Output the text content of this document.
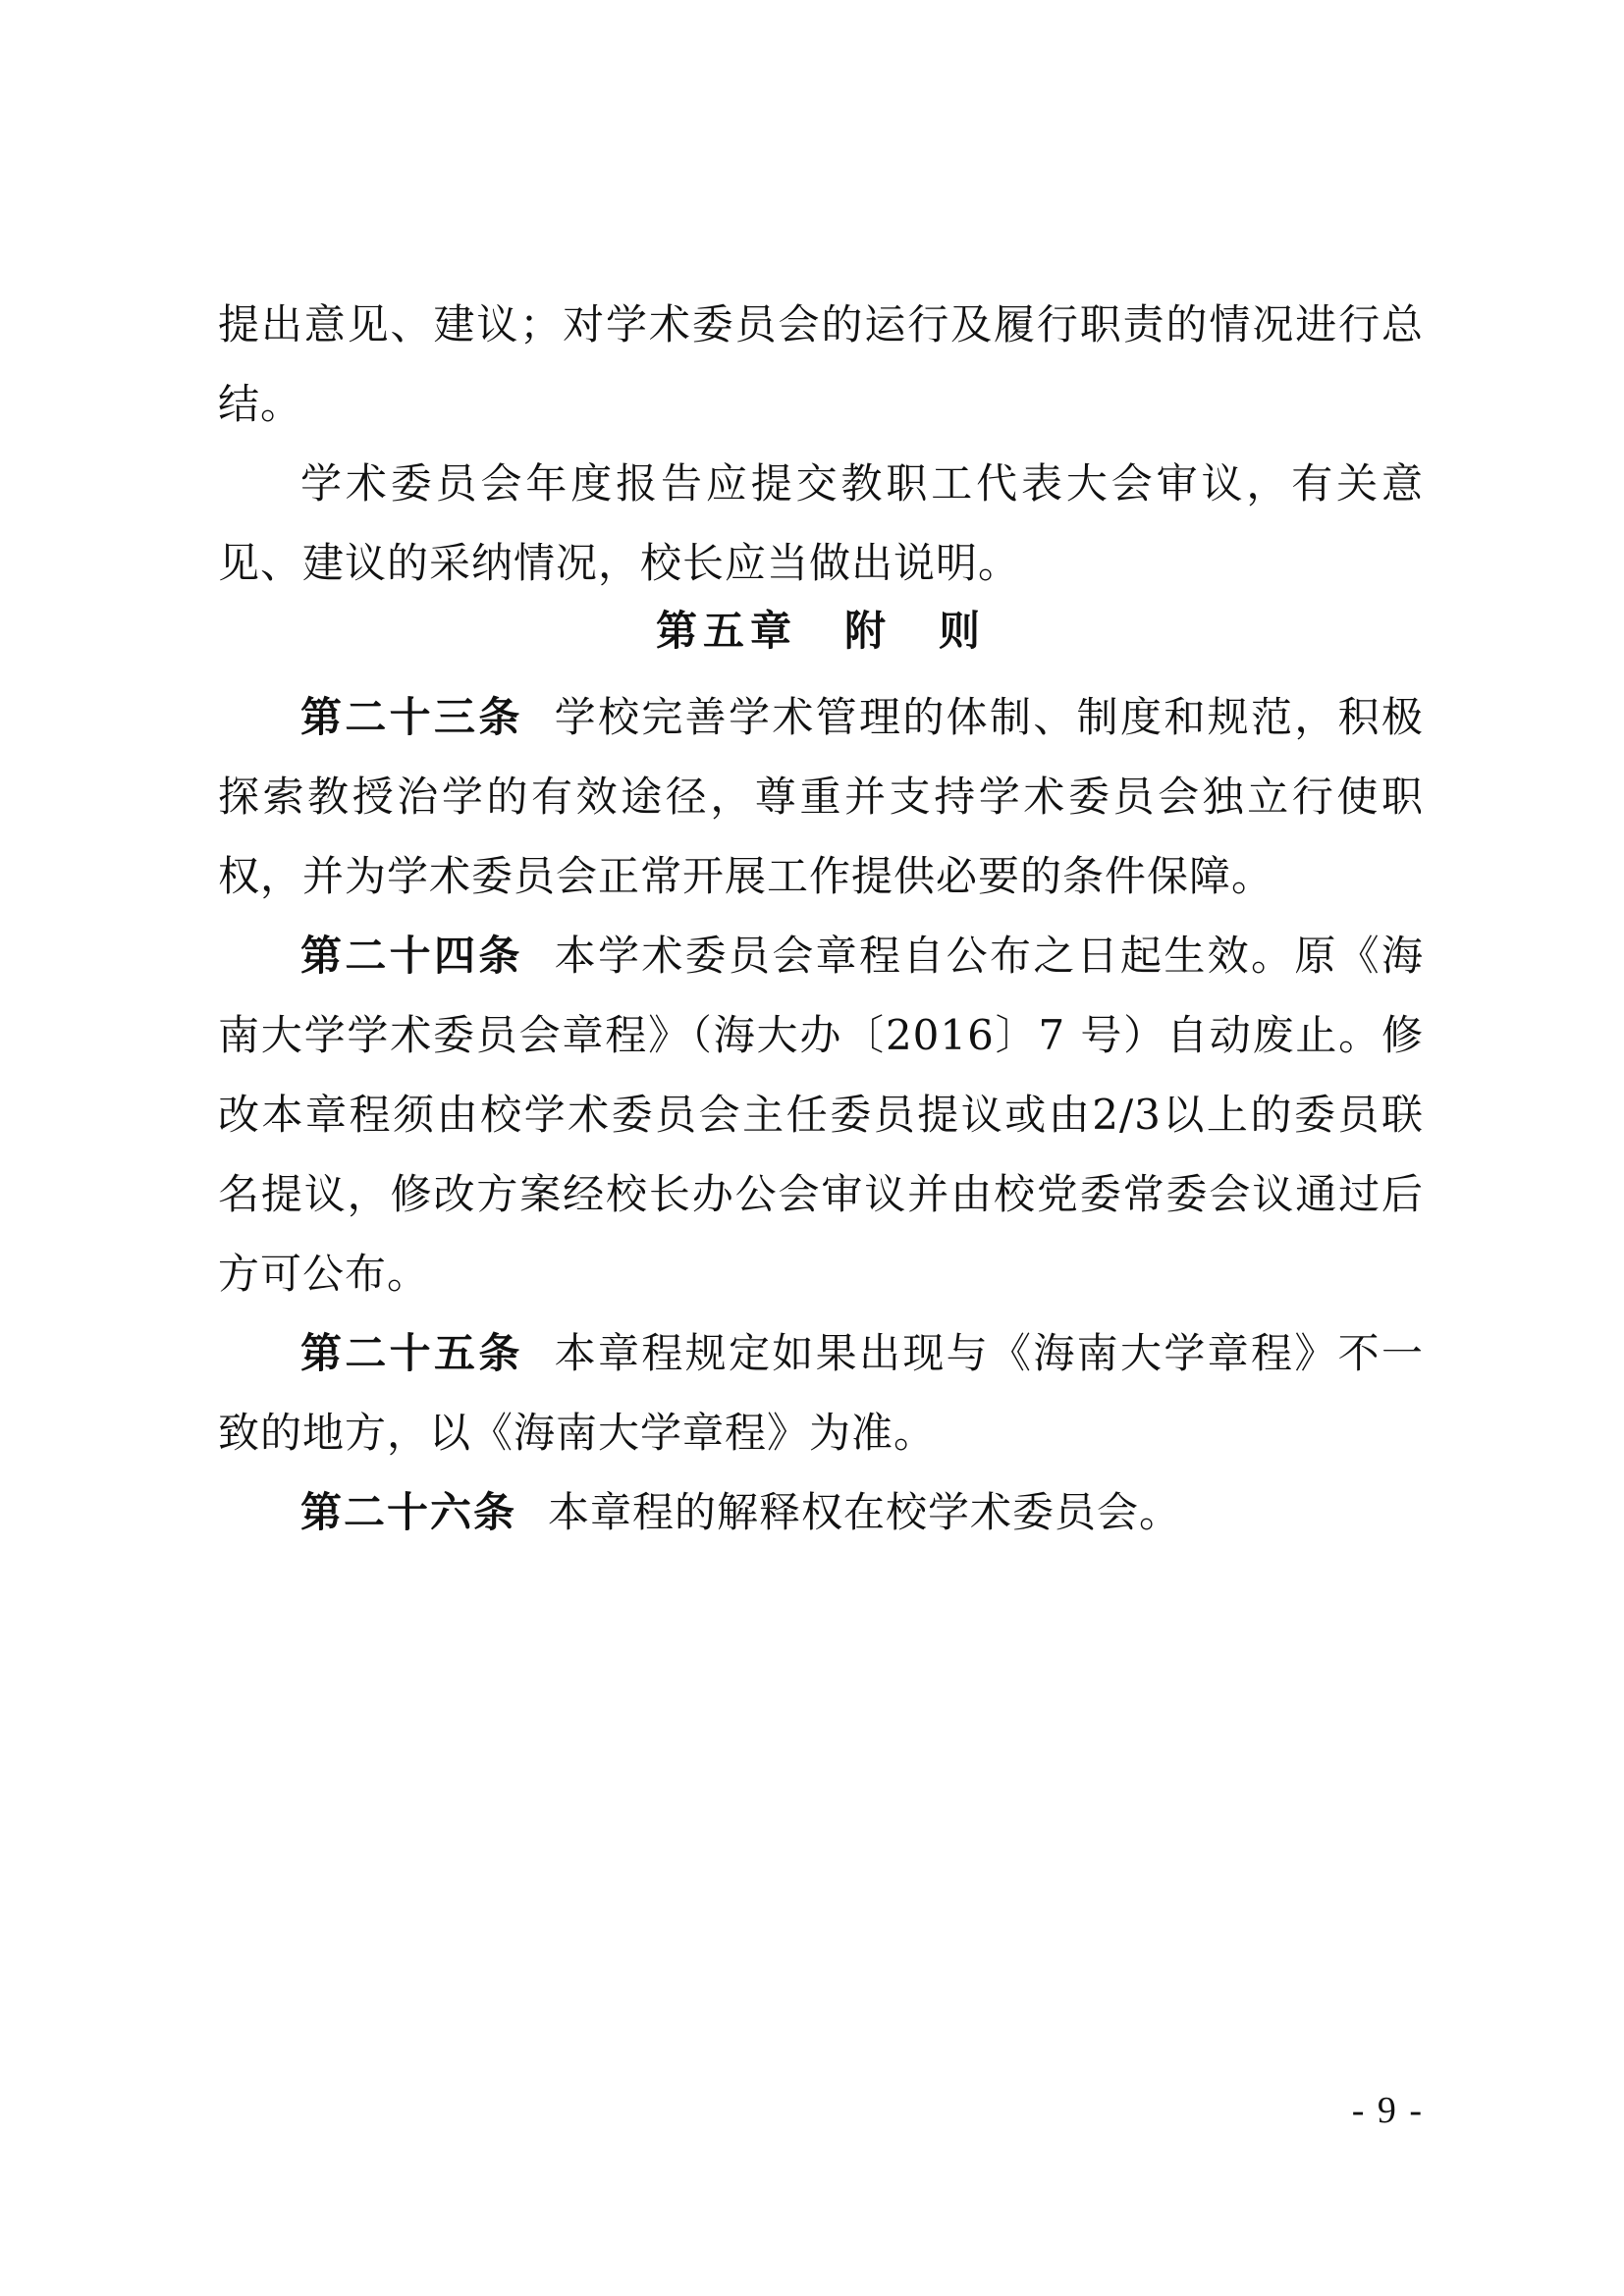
提出意见、建议；对学术委员会的运行及履行职责的情况进行总结。

学术委员会年度报告应提交教职工代表大会审议，有关意见、建议的采纳情况，校长应当做出说明。

第五章　附　则

第二十三条 学校完善学术管理的体制、制度和规范，积极探索教授治学的有效途径，尊重并支持学术委员会独立行使职权，并为学术委员会正常开展工作提供必要的条件保障。

第二十四条 本学术委员会章程自公布之日起生效。原《海南大学学术委员会章程》（海大办〔2016〕7 号）自动废止。修改本章程须由校学术委员会主任委员提议或由2/3以上的委员联名提议，修改方案经校长办公会审议并由校党委常委会议通过后方可公布。

第二十五条 本章程规定如果出现与《海南大学章程》不一致的地方，以《海南大学章程》为准。

第二十六条 本章程的解释权在校学术委员会。

- 9 -
